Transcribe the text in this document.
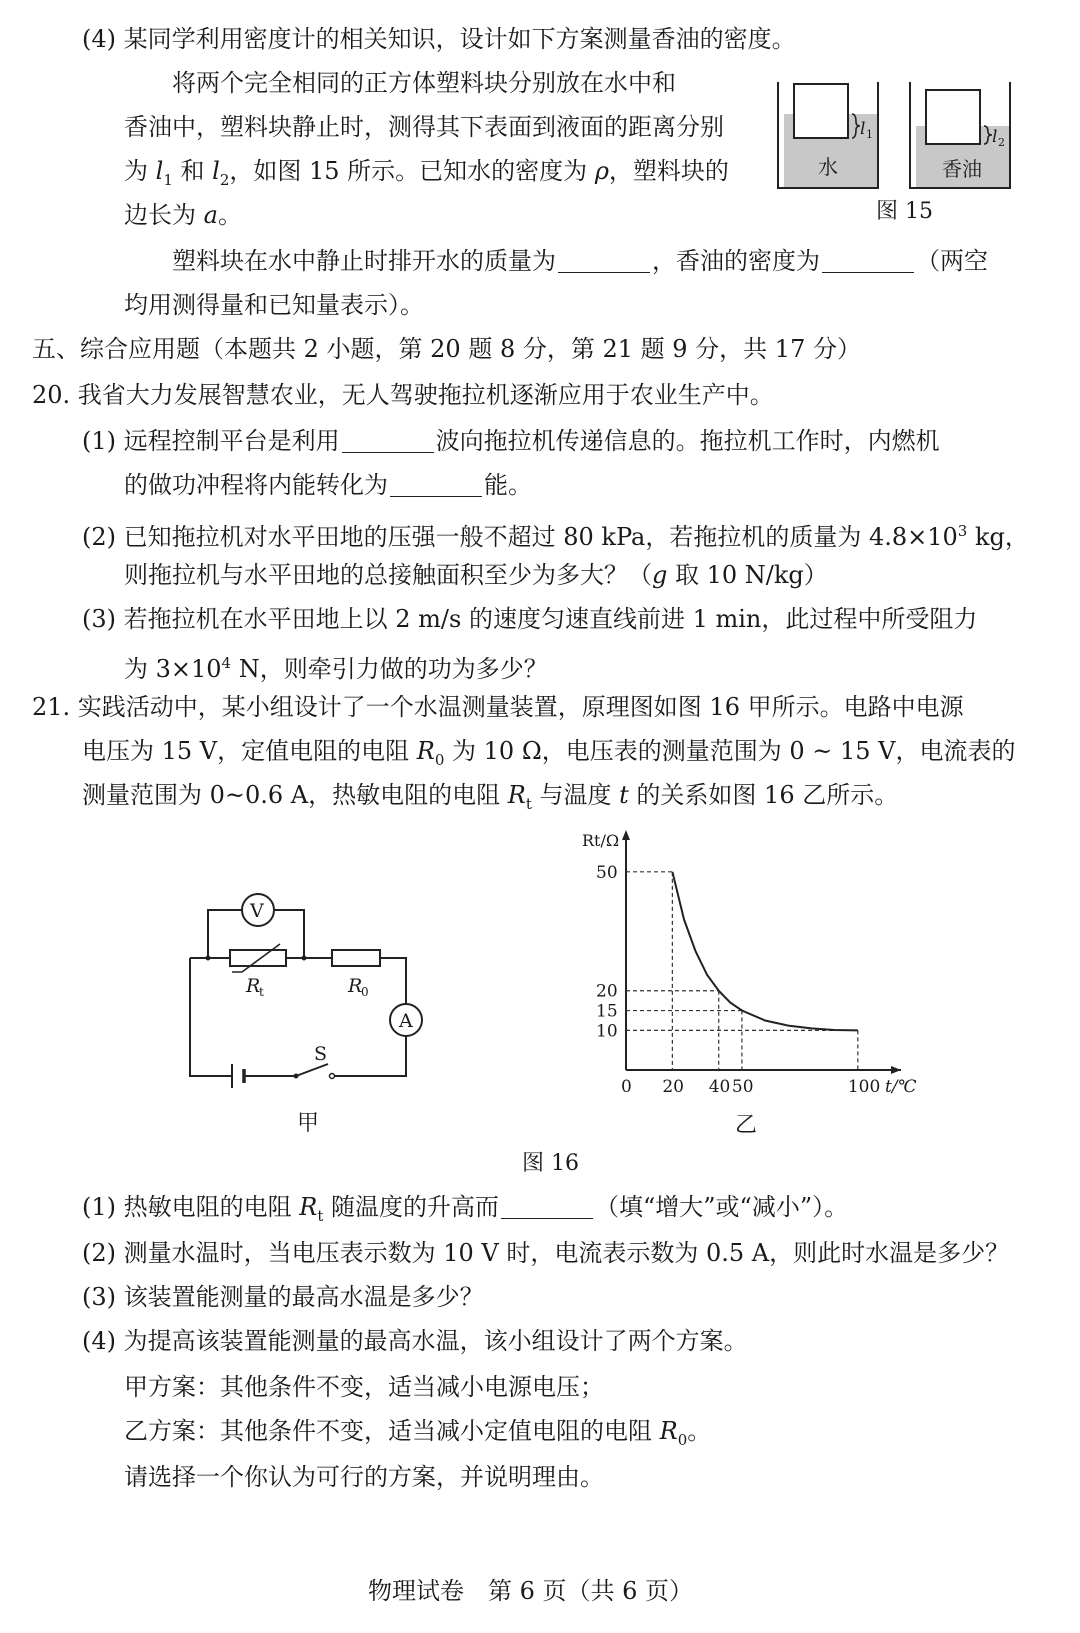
(4) 某同学利用密度计的相关知识，设计如下方案测量香油的密度。
将两个完全相同的正方体塑料块分别放在水中和
香油中，塑料块静止时，测得其下表面到液面的距离分别
为 $l_1$ 和 $l_2$，如图 15 所示。已知水的密度为 ρ，塑料块的
边长为 a。
塑料块在水中静止时排开水的质量为	，香油的密度为	（两空
均用测得量和已知量表示）。
l 1
水
l 2
香油
图 15
五、综合应用题（本题共 2 小题，第 20 题 8 分，第 21 题 9 分，共 17 分）
20. 我省大力发展智慧农业，无人驾驶拖拉机逐渐应用于农业生产中。
(1) 远程控制平台是利用	波向拖拉机传递信息的。拖拉机工作时，内燃机
的做功冲程将内能转化为	能。
(2) 已知拖拉机对水平田地的压强一般不超过 80 kPa，若拖拉机的质量为 $4.8\times 10^3$ kg，
则拖拉机与水平田地的总接触面积至少为多大？（g 取 10 N/kg）
(3) 若拖拉机在水平田地上以 2 m/s 的速度匀速直线前进 1 min，此过程中所受阻力
为 $3\times 10^4$ N，则牵引力做的功为多少？
21. 实践活动中，某小组设计了一个水温测量装置，原理图如图 16 甲所示。电路中电源
电压为 15 V，定值电阻的电阻 $R_0$ 为 10 Ω，电压表的测量范围为 0 ~ 15 V，电流表的
测量范围为 0~0.6 A，热敏电阻的电阻 $R_t$ 与温度 t 的关系如图 16 乙所示。
V
R
t	R
0
A
S
甲
0 20 40 50	100
10
15
20
50
Rt/Ω
t/℃
乙
图 16
(1) 热敏电阻的电阻 $R_t$ 随温度的升高而	（填“增大”或“减小”）。
(2) 测量水温时，当电压表示数为 10 V 时，电流表示数为 0.5 A，则此时水温是多少？
(3) 该装置能测量的最高水温是多少？
(4) 为提高该装置能测量的最高水温，该小组设计了两个方案。
甲方案：其他条件不变，适当减小电源电压；
乙方案：其他条件不变，适当减小定值电阻的电阻 $R_0$。
请选择一个你认为可行的方案，并说明理由。
物理试卷　第 6 页（共 6 页）
